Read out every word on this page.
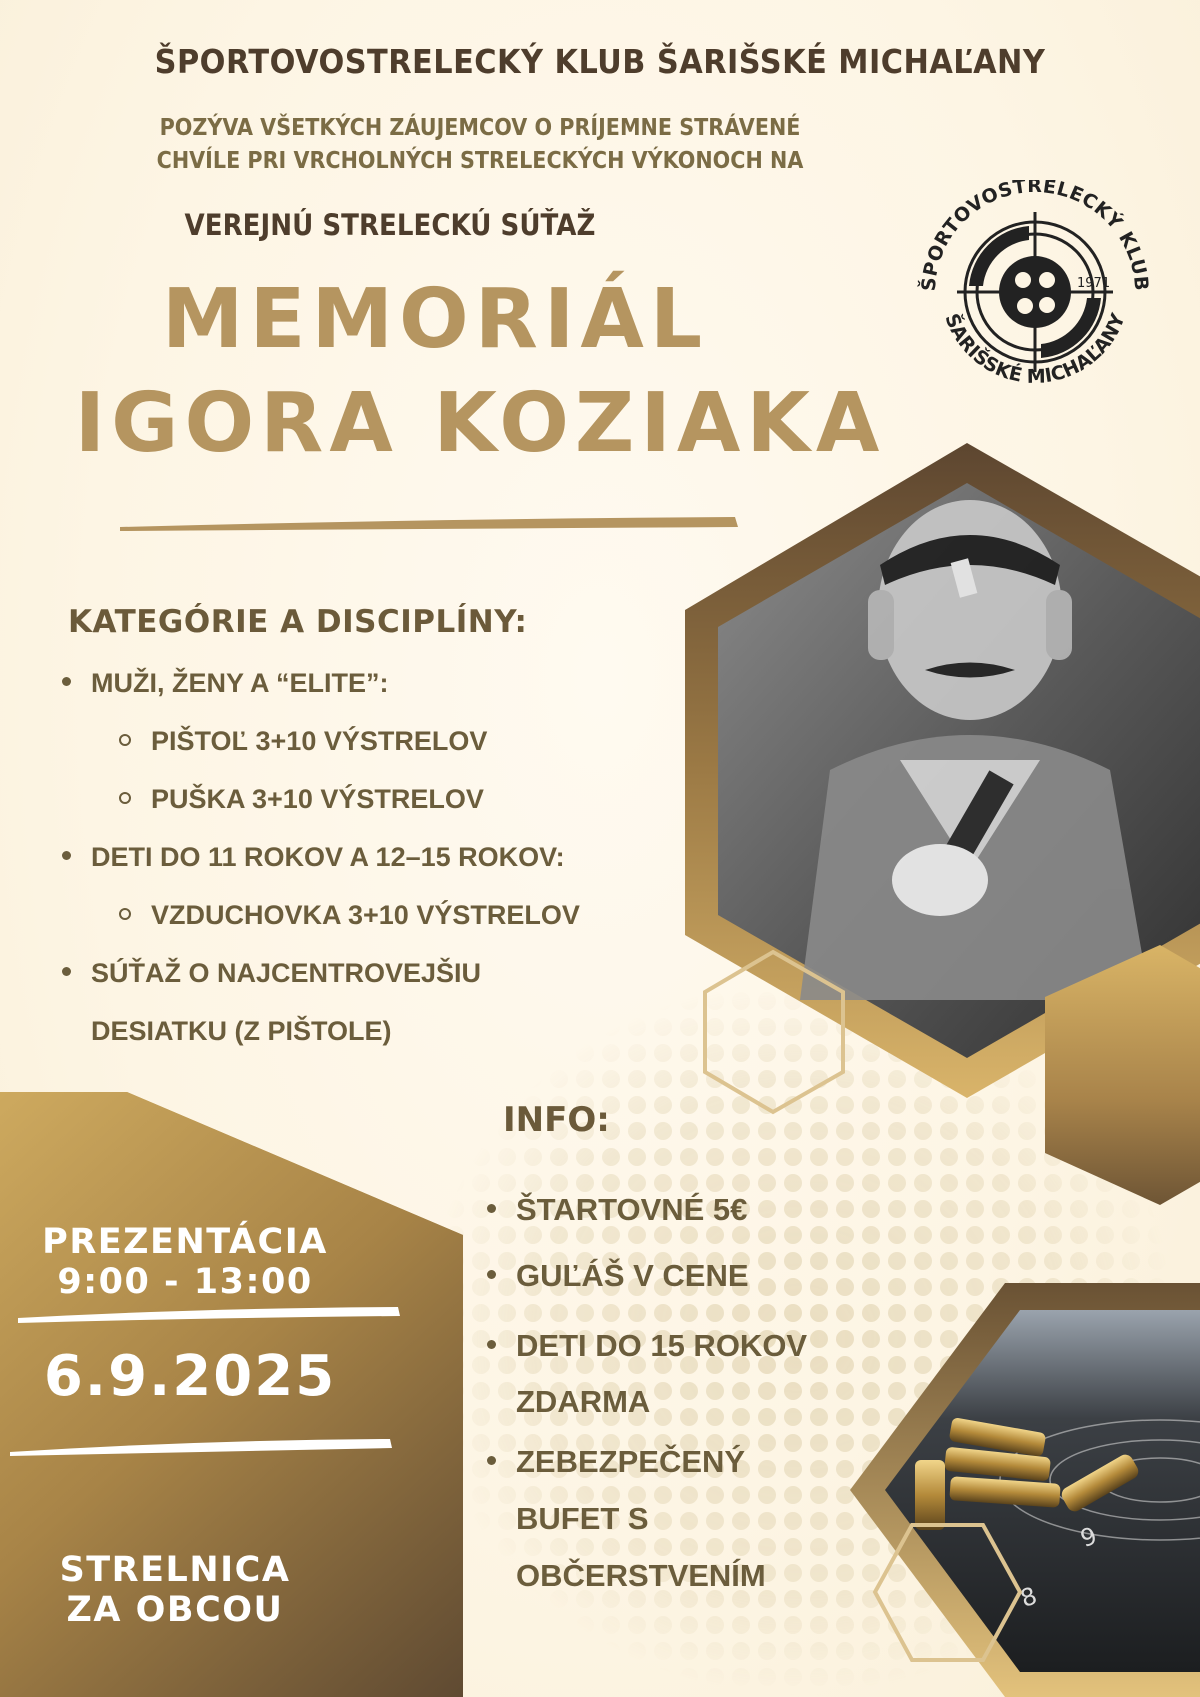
9
8
ŠPORTOVOSTRELECKÝ KLUB ŠARIŠSKÉ MICHAĽANY
POZÝVA VŠETKÝCH ZÁUJEMCOV O PRÍJEMNE STRÁVENÉ
CHVÍLE PRI VRCHOLNÝCH STRELECKÝCH VÝKONOCH NA
VEREJNÚ STRELECKÚ SÚŤAŽ
ŠPORTOVOSTRELECKÝ KLUB
ŠARIŠSKÉ MICHAĽANY
1971
MEMORIÁL
IGORA KOZIAKA
KATEGÓRIE A DISCIPLÍNY:
MUŽI, ŽENY A “ELITE”:
PIŠTOĽ 3+10 VÝSTRELOV
PUŠKA 3+10 VÝSTRELOV
DETI DO 11 ROKOV A 12–15 ROKOV:
VZDUCHOVKA 3+10 VÝSTRELOV
SÚŤAŽ O NAJCENTROVEJŠIU
DESIATKU (Z PIŠTOLE)
INFO:
ŠTARTOVNÉ 5€
GUĽÁŠ V CENE
DETI DO 15 ROKOV
ZDARMA
ZEBEZPEČENÝ
BUFET S
OBČERSTVENÍM
PREZENTÁCIA
9:00 - 13:00
6.9.2025
STRELNICA
ZA OBCOU
